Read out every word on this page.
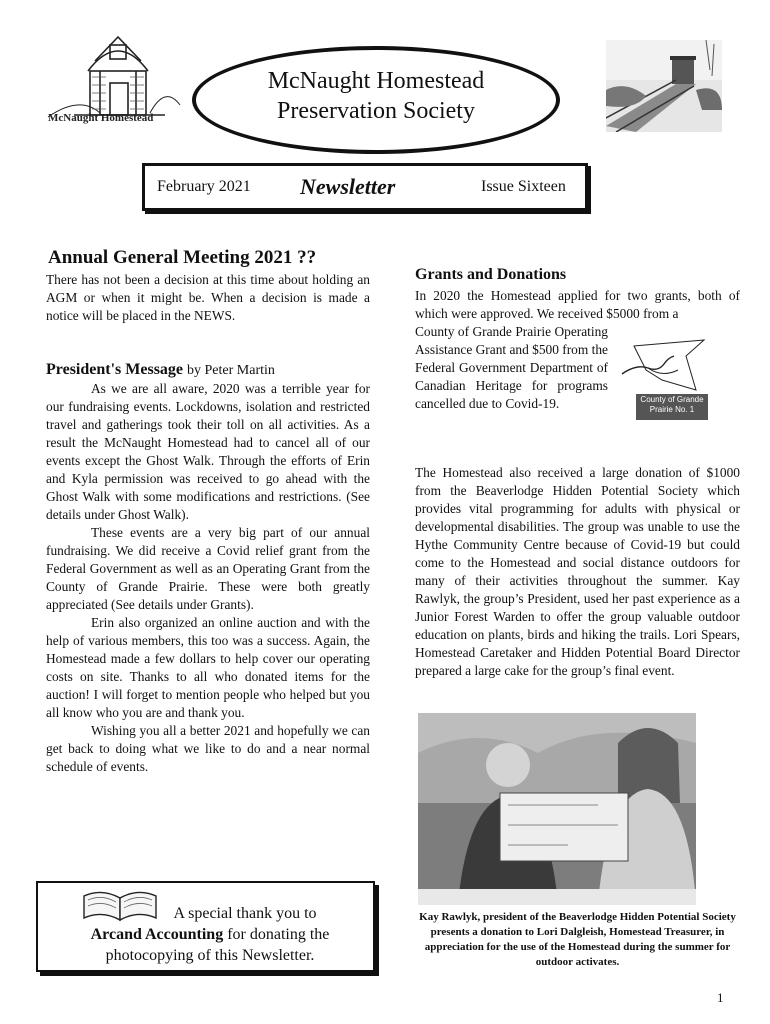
McNaught Homestead
McNaught Homestead
Preservation Society
February 2021 Newsletter	Issue Sixteen
Annual General Meeting 2021 ??
There has not been a decision at this time about holding an AGM or when it might be. When a decision is made a notice will be placed in the NEWS.
President's Message by Peter Martin

As we are all aware, 2020 was a terrible year for our fundraising events. Lockdowns, isolation and restricted travel and gatherings took their toll on all activities. As a result the McNaught Homestead had to cancel all of our events except the Ghost Walk. Through the efforts of Erin and Kyla permission was received to go ahead with the Ghost Walk with some modifications and restrictions. (See details under Ghost Walk).

These events are a very big part of our annual fundraising. We did receive a Covid relief grant from the Federal Government as well as an Operating Grant from the County of Grande Prairie. These were both greatly appreciated (See details under Grants).

Erin also organized an online auction and with the help of various members, this too was a success. Again, the Homestead made a few dollars to help cover our operating costs on site. Thanks to all who donated items for the auction! I will forget to mention people who helped but you all know who you are and thank you.

Wishing you all a better 2021 and hopefully we can get back to doing what we like to do and a near normal schedule of events.

A special thank you to
Arcand Accounting for donating the
photocopying of this Newsletter.
Grants and Donations
In 2020 the Homestead applied for two grants, both of which were approved. We received $5000 from a
County of Grande Prairie Operating Assistance Grant and $500 from the Federal Government Department of Canadian Heritage for programs cancelled due to Covid-19.	County of Grande Prairie No. 1
The Homestead also received a large donation of $1000 from the Beaverlodge Hidden Potential Society which provides vital programming for adults with physical or developmental disabilities. The group was unable to use the Hythe Community Centre because of Covid-19 but could come to the Homestead and social distance outdoors for many of their activities throughout the summer. Kay Rawlyk, the group’s President, used her past experience as a Junior Forest Warden to offer the group valuable outdoor education on plants, birds and hiking the trails. Lori Spears, Homestead Caretaker and Hidden Potential Board Director prepared a large cake for the group’s final event.
Kay Rawlyk, president of the Beaverlodge Hidden Potential Society presents a donation to Lori Dalgleish, Homestead Treasurer, in appreciation for the use of the Homestead during the summer for outdoor activates.
1
